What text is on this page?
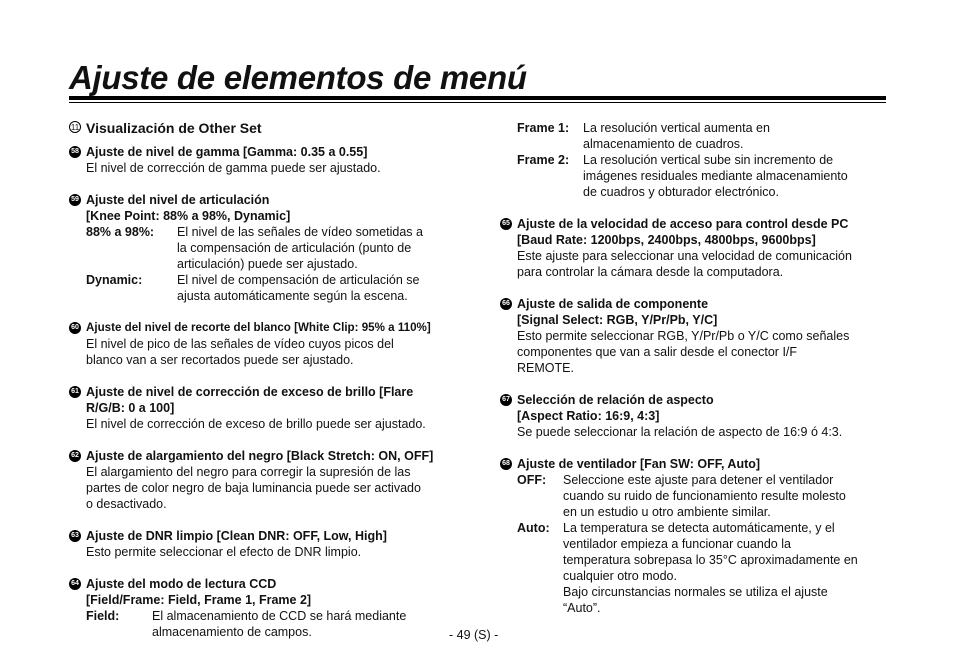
Ajuste de elementos de menú
11 Visualización de Other Set
58 Ajuste de nivel de gamma [Gamma: 0.35 a 0.55]
El nivel de corrección de gamma puede ser ajustado.
59 Ajuste del nivel de articulación
[Knee Point: 88% a 98%, Dynamic]
88% a 98%:	El nivel de las señales de vídeo sometidas a
la compensación de articulación (punto de
articulación) puede ser ajustado.
Dynamic:	El nivel de compensación de articulación se
ajusta automáticamente según la escena.
60 Ajuste del nivel de recorte del blanco [White Clip: 95% a 110%]
El nivel de pico de las señales de vídeo cuyos picos del
blanco van a ser recortados puede ser ajustado.
61 Ajuste de nivel de corrección de exceso de brillo [Flare
R/G/B: 0 a 100]
El nivel de corrección de exceso de brillo puede ser ajustado.
62 Ajuste de alargamiento del negro [Black Stretch: ON, OFF]
El alargamiento del negro para corregir la supresión de las
partes de color negro de baja luminancia puede ser activado
o desactivado.
63 Ajuste de DNR limpio [Clean DNR: OFF, Low, High]
Esto permite seleccionar el efecto de DNR limpio.
64 Ajuste del modo de lectura CCD
[Field/Frame: Field, Frame 1, Frame 2]
Field:	El almacenamiento de CCD se hará mediante
almacenamiento de campos.
Frame 1:	La resolución vertical aumenta en
almacenamiento de cuadros.
Frame 2:	La resolución vertical sube sin incremento de
imágenes residuales mediante almacenamiento
de cuadros y obturador electrónico.
65 Ajuste de la velocidad de acceso para control desde PC
[Baud Rate: 1200bps, 2400bps, 4800bps, 9600bps]
Este ajuste para seleccionar una velocidad de comunicación
para controlar la cámara desde la computadora.
66 Ajuste de salida de componente
[Signal Select: RGB, Y/Pr/Pb, Y/C]
Esto permite seleccionar RGB, Y/Pr/Pb o Y/C como señales
componentes que van a salir desde el conector I/F
REMOTE.
67 Selección de relación de aspecto
[Aspect Ratio: 16:9, 4:3]
Se puede seleccionar la relación de aspecto de 16:9 ó 4:3.
68 Ajuste de ventilador [Fan SW: OFF, Auto]
OFF:	Seleccione este ajuste para detener el ventilador
cuando su ruido de funcionamiento resulte molesto
en un estudio u otro ambiente similar.
Auto:	La temperatura se detecta automáticamente, y el
ventilador empieza a funcionar cuando la
temperatura sobrepasa lo 35°C aproximadamente en
cualquier otro modo.
Bajo circunstancias normales se utiliza el ajuste
“Auto”.
- 49 (S) -
